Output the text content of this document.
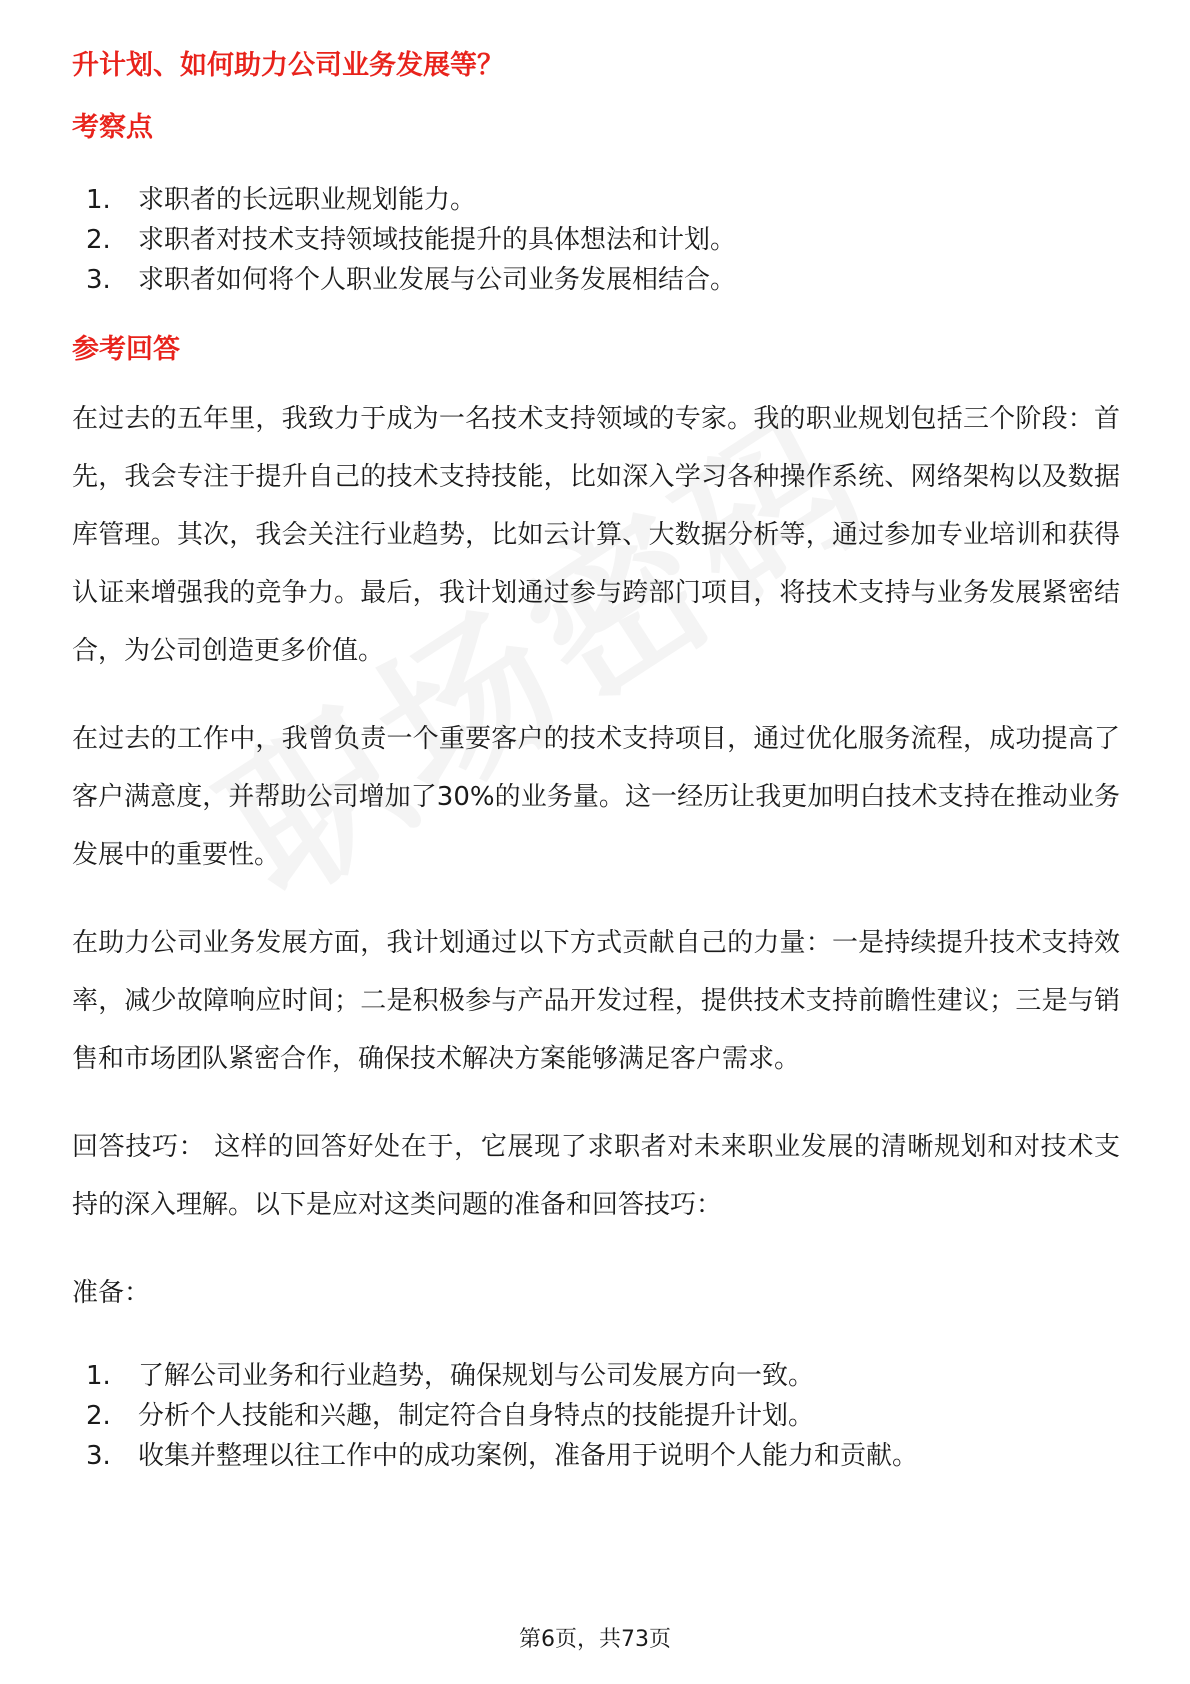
升计划、如何助力公司业务发展等？
考察点
1.	求职者的长远职业规划能力。
2.	求职者对技术支持领域技能提升的具体想法和计划。
3.	求职者如何将个人职业发展与公司业务发展相结合。
参考回答

在过去的五年里，我致力于成为一名技术支持领域的专家。我的职业规划包括三个阶段：首先，我会专注于提升自己的技术支持技能，比如深入学习各种操作系统、网络架构以及数据库管理。其次，我会关注行业趋势，比如云计算、大数据分析等，通过参加专业培训和获得认证来增强我的竞争力。最后，我计划通过参与跨部门项目，将技术支持与业务发展紧密结合，为公司创造更多价值。

在过去的工作中，我曾负责一个重要客户的技术支持项目，通过优化服务流程，成功提高了客户满意度，并帮助公司增加了30%的业务量。这一经历让我更加明白技术支持在推动业务发展中的重要性。

在助力公司业务发展方面，我计划通过以下方式贡献自己的力量：一是持续提升技术支持效率，减少故障响应时间；二是积极参与产品开发过程，提供技术支持前瞻性建议；三是与销售和市场团队紧密合作，确保技术解决方案能够满足客户需求。

回答技巧： 这样的回答好处在于，它展现了求职者对未来职业发展的清晰规划和对技术支持的深入理解。以下是应对这类问题的准备和回答技巧：

准备：

1.	了解公司业务和行业趋势，确保规划与公司发展方向一致。
2.	分析个人技能和兴趣，制定符合自身特点的技能提升计划。
3.	收集并整理以往工作中的成功案例，准备用于说明个人能力和贡献。
第6页，共73页
